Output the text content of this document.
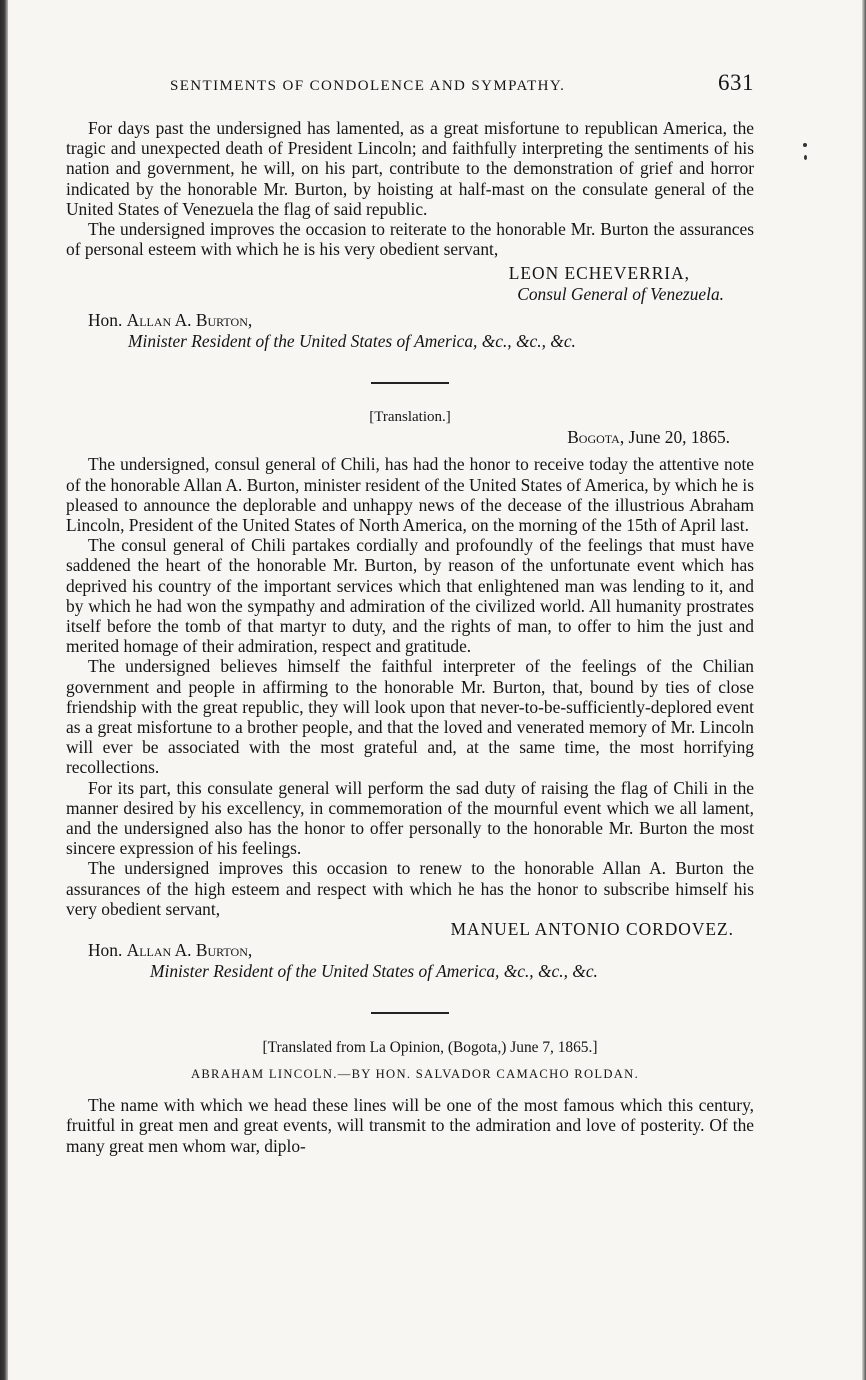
SENTIMENTS OF CONDOLENCE AND SYMPATHY.	631

For days past the undersigned has lamented, as a great misfortune to republican America, the tragic and unexpected death of President Lincoln; and faithfully interpreting the sentiments of his nation and government, he will, on his part, contribute to the demonstration of grief and horror indicated by the honorable Mr. Burton, by hoisting at half-mast on the consulate general of the United States of Venezuela the flag of said republic.

The undersigned improves the occasion to reiterate to the honorable Mr. Burton the assurances of personal esteem with which he is his very obedient servant,

LEON ECHEVERRIA,
Consul General of Venezuela.
Hon. Allan A. Burton,
Minister Resident of the United States of America, &c., &c., &c.
[Translation.]
Bogota, June 20, 1865.

The undersigned, consul general of Chili, has had the honor to receive today the attentive note of the honorable Allan A. Burton, minister resident of the United States of America, by which he is pleased to announce the deplorable and unhappy news of the decease of the illustrious Abraham Lincoln, President of the United States of North America, on the morning of the 15th of April last.

The consul general of Chili partakes cordially and profoundly of the feelings that must have saddened the heart of the honorable Mr. Burton, by reason of the unfortunate event which has deprived his country of the important services which that enlightened man was lending to it, and by which he had won the sympathy and admiration of the civilized world. All humanity prostrates itself before the tomb of that martyr to duty, and the rights of man, to offer to him the just and merited homage of their admiration, respect and gratitude.

The undersigned believes himself the faithful interpreter of the feelings of the Chilian government and people in affirming to the honorable Mr. Burton, that, bound by ties of close friendship with the great republic, they will look upon that never-to-be-sufficiently-deplored event as a great misfortune to a brother people, and that the loved and venerated memory of Mr. Lincoln will ever be associated with the most grateful and, at the same time, the most horrifying recollections.

For its part, this consulate general will perform the sad duty of raising the flag of Chili in the manner desired by his excellency, in commemoration of the mournful event which we all lament, and the undersigned also has the honor to offer personally to the honorable Mr. Burton the most sincere expression of his feelings.

The undersigned improves this occasion to renew to the honorable Allan A. Burton the assurances of the high esteem and respect with which he has the honor to subscribe himself his very obedient servant,

MANUEL ANTONIO CORDOVEZ.
Hon. Allan A. Burton,
Minister Resident of the United States of America, &c., &c., &c.
[Translated from La Opinion, (Bogota,) June 7, 1865.]
ABRAHAM LINCOLN.—BY HON. SALVADOR CAMACHO ROLDAN.

The name with which we head these lines will be one of the most famous which this century, fruitful in great men and great events, will transmit to the admiration and love of posterity. Of the many great men whom war, diplo-
